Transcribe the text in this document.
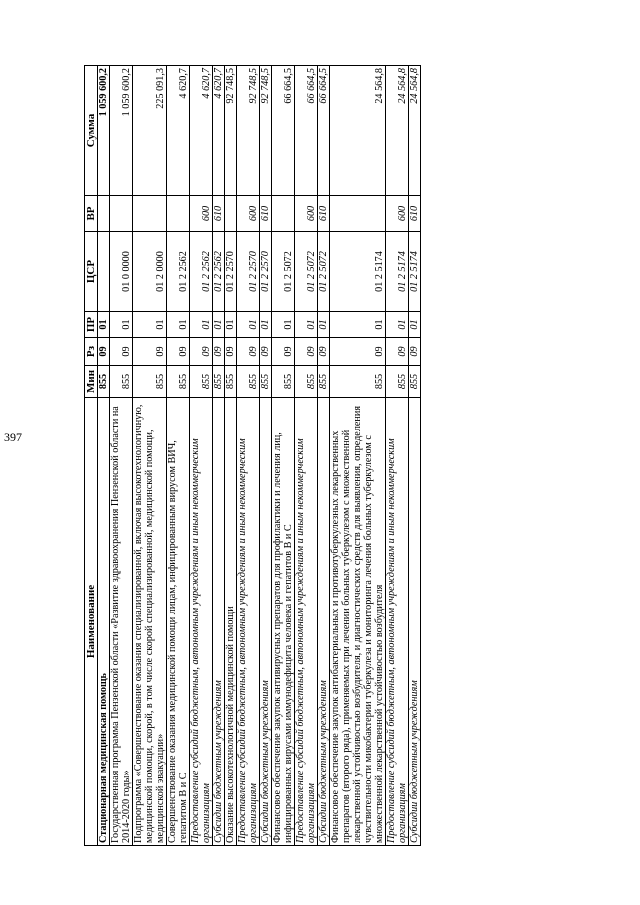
397
Наименование	Мин	Рз	ПР	ЦСР	ВР	Сумма
Стационарная медицинская помощь	855	09	01			1 059 600,2
Государственная программа Пензенской области «Развитие здравоохранения Пензенской области на 2014-2020 годы»	855	09	01	01 0 0000		1 059 600,2
Подпрограмма «Совершенствование оказания специализированной, включая высокотехнологичную, медицинской помощи, скорой, в том числе скорой специализированной, медицинской помощи, медицинской эвакуации»	855	09	01	01 2 0000		225 091,3
Совершенствование оказания медицинской помощи лицам, инфицированным вирусом ВИЧ, гепатитом В и С	855	09	01	01 2 2562		4 620,7
Предоставление субсидий бюджетным, автономным учреждениям и иным некоммерческим организациям	855	09	01	01 2 2562	600	4 620,7
Субсидии бюджетным учреждениям	855	09	01	01 2 2562	610	4 620,7
Оказание высокотехнологичной медицинской помощи	855	09	01	01 2 2570		92 748,5
Предоставление субсидий бюджетным, автономным учреждениям и иным некоммерческим организациям	855	09	01	01 2 2570	600	92 748,5
Субсидии бюджетным учреждениям	855	09	01	01 2 2570	610	92 748,5
Финансовое обеспечение закупок антивирусных препаратов для профилактики и лечения лиц, инфицированных вирусами иммунодефицита человека и гепатитов В и С	855	09	01	01 2 5072		66 664,5
Предоставление субсидий бюджетным, автономным учреждениям и иным некоммерческим организациям	855	09	01	01 2 5072	600	66 664,5
Субсидии бюджетным учреждениям	855	09	01	01 2 5072	610	66 664,5
Финансовое обеспечение закупок антибактериальных и противотуберкулезных лекарственных препаратов (второго ряда), применяемых при лечении больных туберкулезом с множественной лекарственной устойчивостью возбудителя, и диагностических средств для выявления, определения чувствительности микобактерии туберкулеза и мониторинга лечения больных туберкулезом с множественной лекарственной устойчивостью возбудителя	855	09	01	01 2 5174		24 564,8
Предоставление субсидий бюджетным, автономным учреждениям и иным некоммерческим организациям	855	09	01	01 2 5174	600	24 564,8
Субсидии бюджетным учреждениям	855	09	01	01 2 5174	610	24 564,8
